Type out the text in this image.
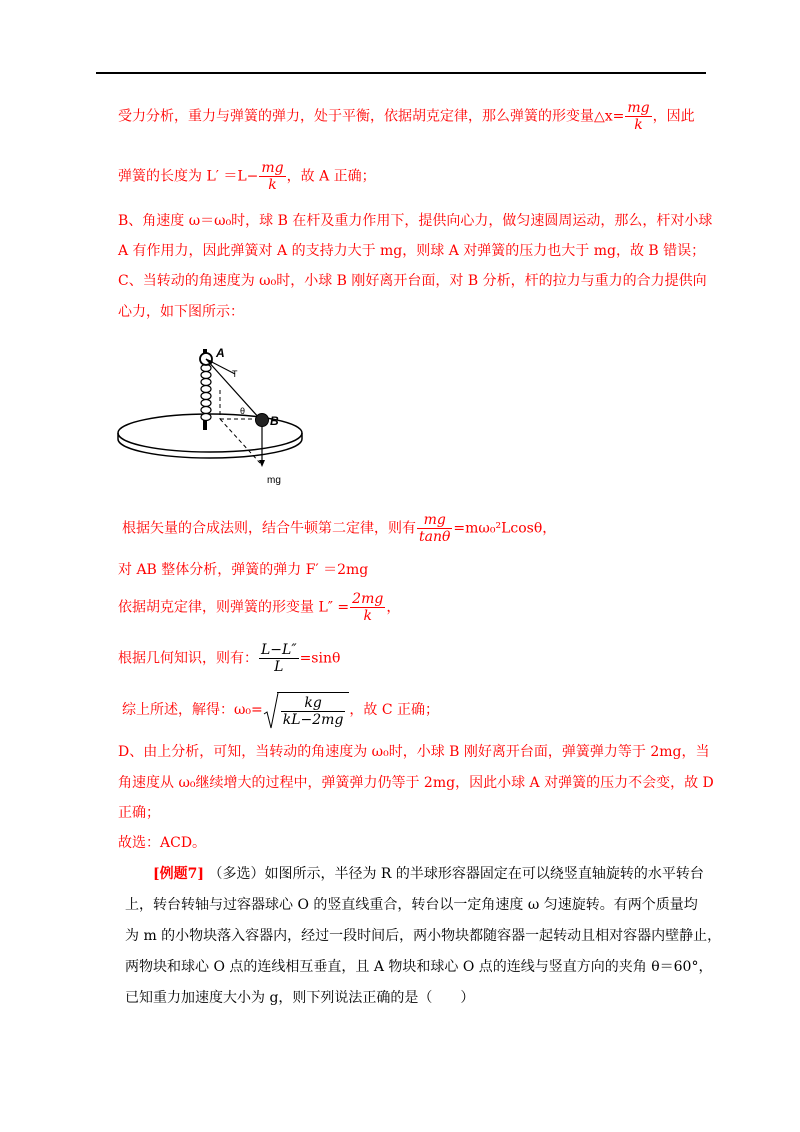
受力分析，重力与弹簧的弹力，处于平衡，依据胡克定律，那么弹簧的形变量△x= $\frac{mg}{k}$ ，因此
弹簧的长度为 $L' =L- \frac{mg}{k}$ ，故 A 正确；
B、角速度 ω＝ω₀时，球 B 在杆及重力作用下，提供向心力，做匀速圆周运动，那么，杆对小球
A 有作用力，因此弹簧对 A 的支持力大于 mg，则球 A 对弹簧的压力也大于 mg，故 B 错误；
C、当转动的角速度为 ω₀时，小球 B 刚好离开台面，对 B 分析，杆的拉力与重力的合力提供向
心力，如下图所示：
A
T
θ
B
mg
根据矢量的合成法则，结合牛顿第二定律，则有 $\frac{mg}{\tan\theta} =m\omega_0^2Lcos\theta$，
对 AB 整体分析，弹簧的弹力 F′ ＝2mg
依据胡克定律，则弹簧的形变量 $L'' = \frac{2mg}{k}$ ，
根据几何知识，则有： $\frac{L-L''}{L} =\sin\theta$
综上所述，解得：$\omega_0= \frac{kg}{kL-2mg}$ ，故 C 正确；
D、由上分析，可知，当转动的角速度为 ω₀时，小球 B 刚好离开台面，弹簧弹力等于 2mg，当
角速度从 ω₀继续增大的过程中，弹簧弹力仍等于 2mg，因此小球 A 对弹簧的压力不会变，故 D
正确；
故选：ACD。
[例题7] （多选）如图所示，半径为 R 的半球形容器固定在可以绕竖直轴旋转的水平转台
上，转台转轴与过容器球心 O 的竖直线重合，转台以一定角速度 ω 匀速旋转。有两个质量均
为 m 的小物块落入容器内，经过一段时间后，两小物块都随容器一起转动且相对容器内壁静止，
两物块和球心 O 点的连线相互垂直，且 A 物块和球心 O 点的连线与竖直方向的夹角 θ＝60°，
已知重力加速度大小为 g，则下列说法正确的是（　　）
